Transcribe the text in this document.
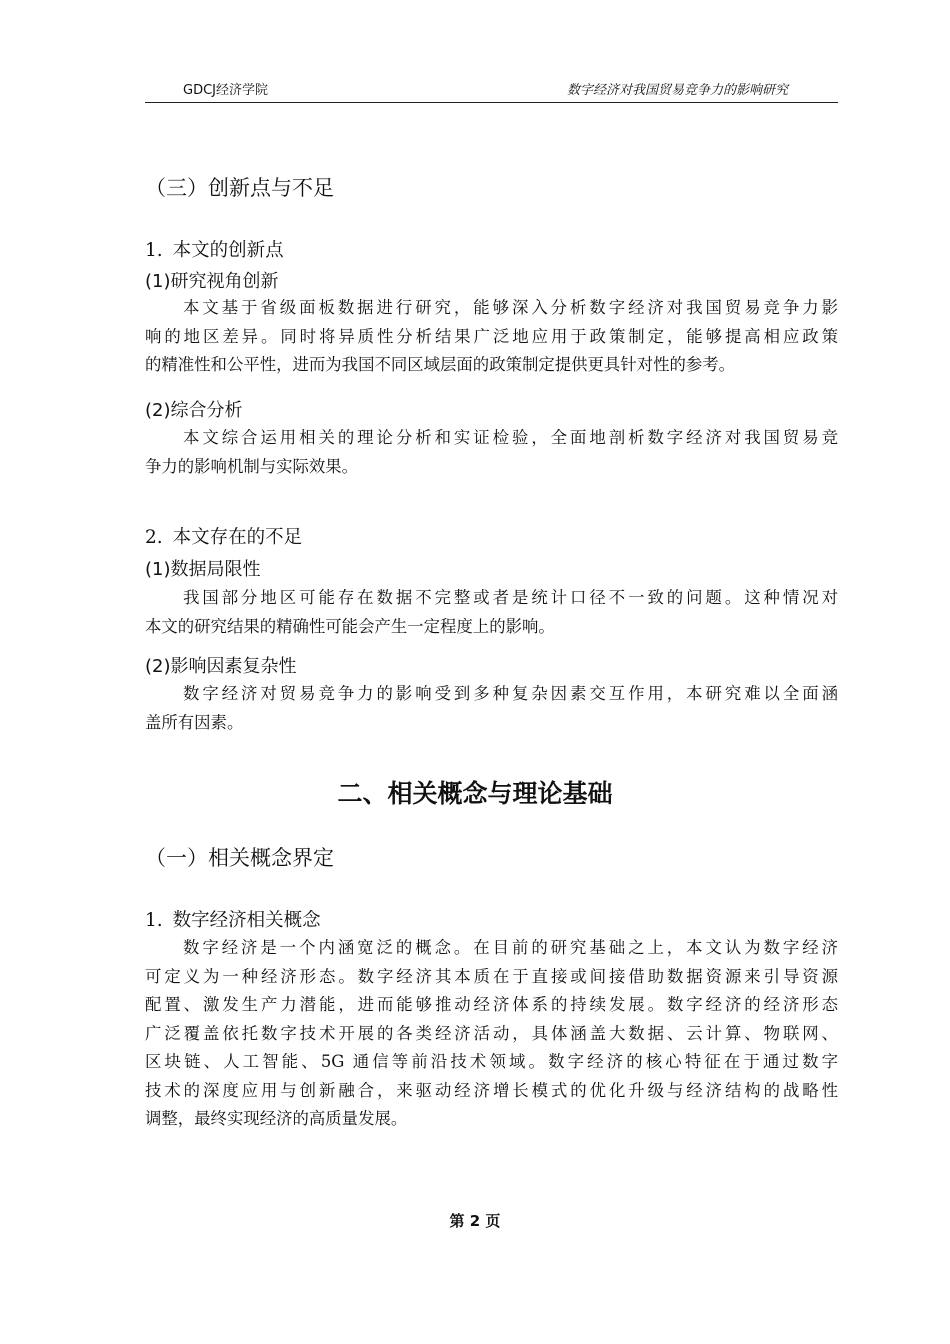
GDCJ经济学院	数字经济对我国贸易竞争力的影响研究
（三）创新点与不足
1. 本文的创新点
(1)研究视角创新
本文基于省级面板数据进行研究，能够深入分析数字经济对我国贸易竞争力影
响的地区差异。同时将异质性分析结果广泛地应用于政策制定，能够提高相应政策
的精准性和公平性，进而为我国不同区域层面的政策制定提供更具针对性的参考。
(2)综合分析
本文综合运用相关的理论分析和实证检验，全面地剖析数字经济对我国贸易竞
争力的影响机制与实际效果。
2. 本文存在的不足
(1)数据局限性
我国部分地区可能存在数据不完整或者是统计口径不一致的问题。这种情况对
本文的研究结果的精确性可能会产生一定程度上的影响。
(2)影响因素复杂性
数字经济对贸易竞争力的影响受到多种复杂因素交互作用，本研究难以全面涵
盖所有因素。
二、相关概念与理论基础
（一）相关概念界定
1. 数字经济相关概念
数字经济是一个内涵宽泛的概念。在目前的研究基础之上，本文认为数字经济
可定义为一种经济形态。数字经济其本质在于直接或间接借助数据资源来引导资源
配置、激发生产力潜能，进而能够推动经济体系的持续发展。数字经济的经济形态
广泛覆盖依托数字技术开展的各类经济活动，具体涵盖大数据、云计算、物联网、
区块链、人工智能、5G 通信等前沿技术领域。数字经济的核心特征在于通过数字
技术的深度应用与创新融合，来驱动经济增长模式的优化升级与经济结构的战略性
调整，最终实现经济的高质量发展。
第 2 页
